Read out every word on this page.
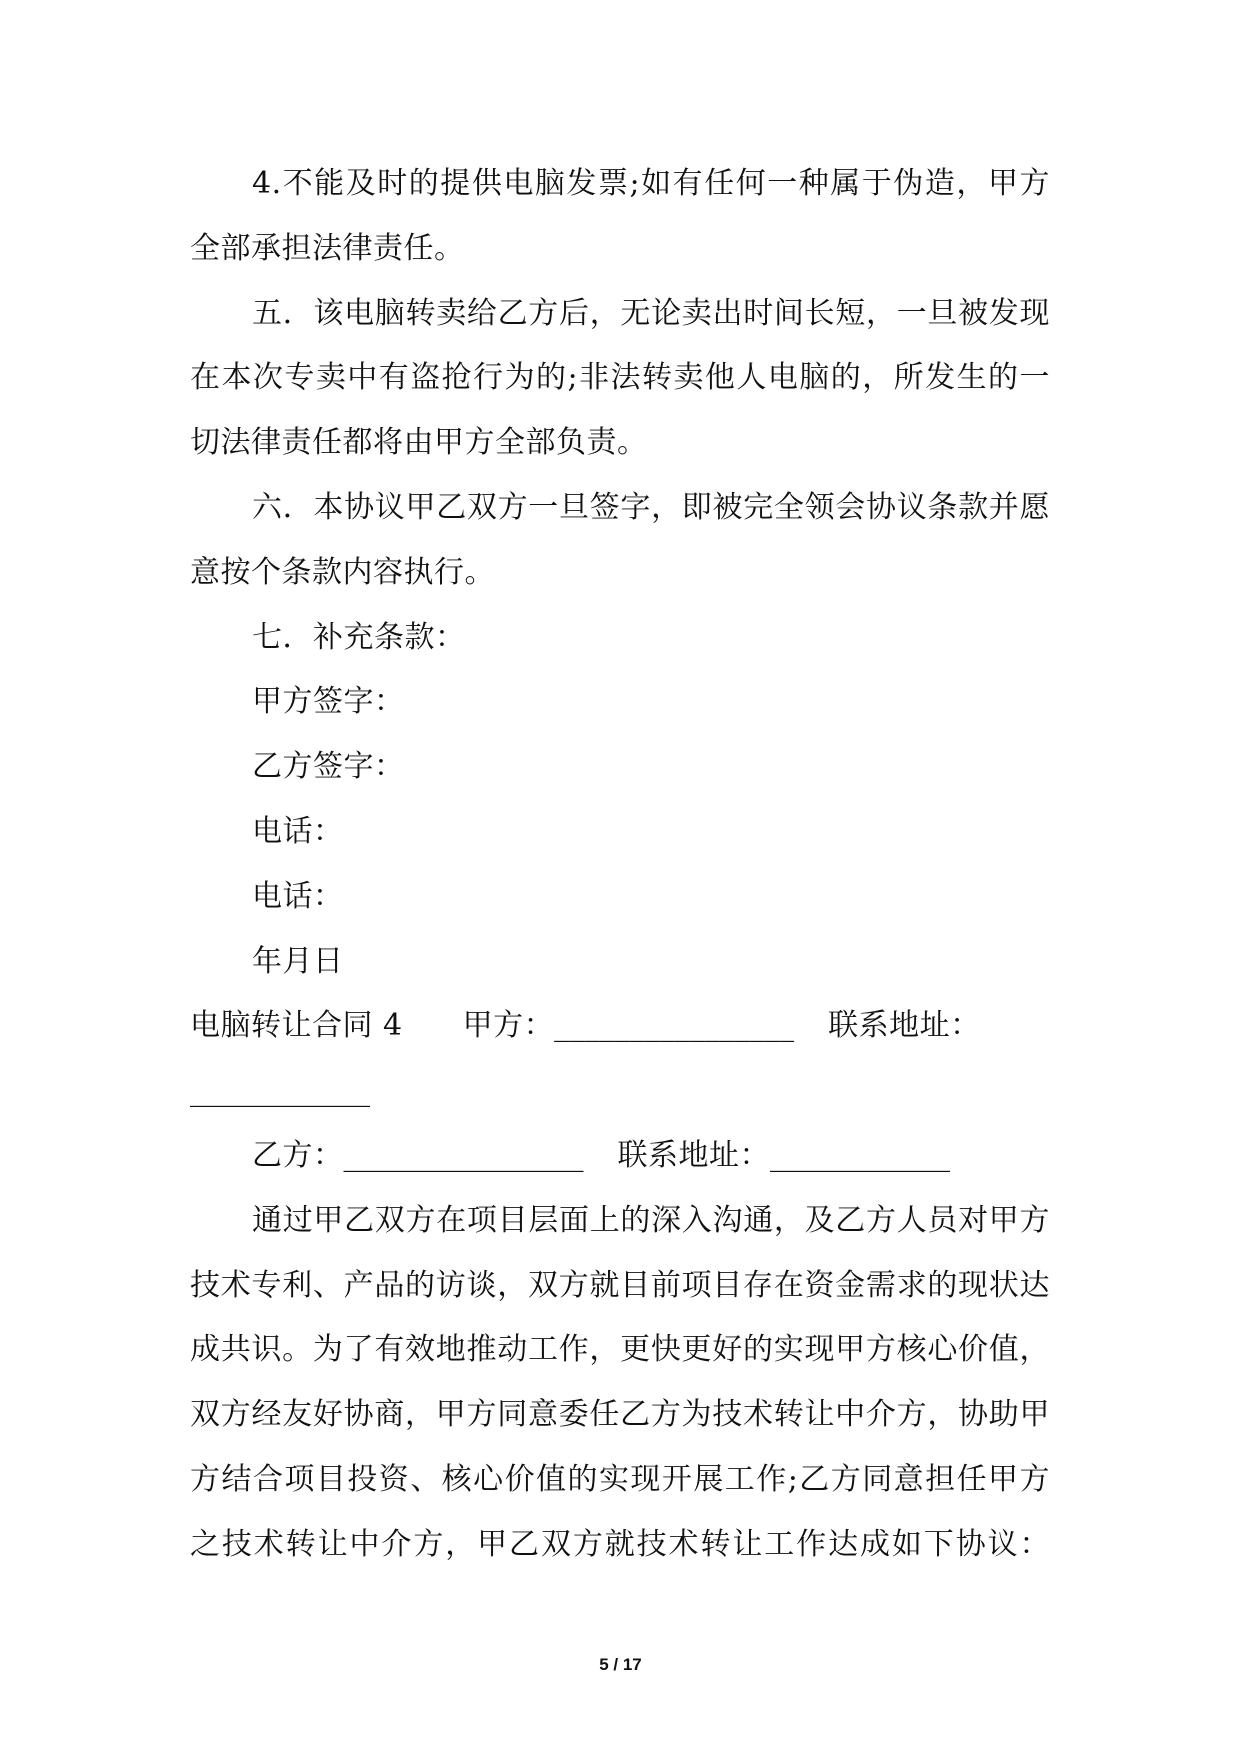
4.不能及时的提供电脑发票;如有任何一种属于伪造，甲方
全部承担法律责任。
五．该电脑转卖给乙方后，无论卖出时间长短，一旦被发现
在本次专卖中有盗抢行为的;非法转卖他人电脑的，所发生的一
切法律责任都将由甲方全部负责。
六．本协议甲乙双方一旦签字，即被完全领会协议条款并愿
意按个条款内容执行。
七．补充条款：
甲方签字：
乙方签字：
电话：
电话：
年月日
电脑转让合同 4 甲方：________________ 联系地址：
____________
乙方：________________ 联系地址：____________
通过甲乙双方在项目层面上的深入沟通，及乙方人员对甲方
技术专利、产品的访谈，双方就目前项目存在资金需求的现状达
成共识。为了有效地推动工作，更快更好的实现甲方核心价值，
双方经友好协商，甲方同意委任乙方为技术转让中介方，协助甲
方结合项目投资、核心价值的实现开展工作;乙方同意担任甲方
之技术转让中介方，甲乙双方就技术转让工作达成如下协议：
5 / 17
